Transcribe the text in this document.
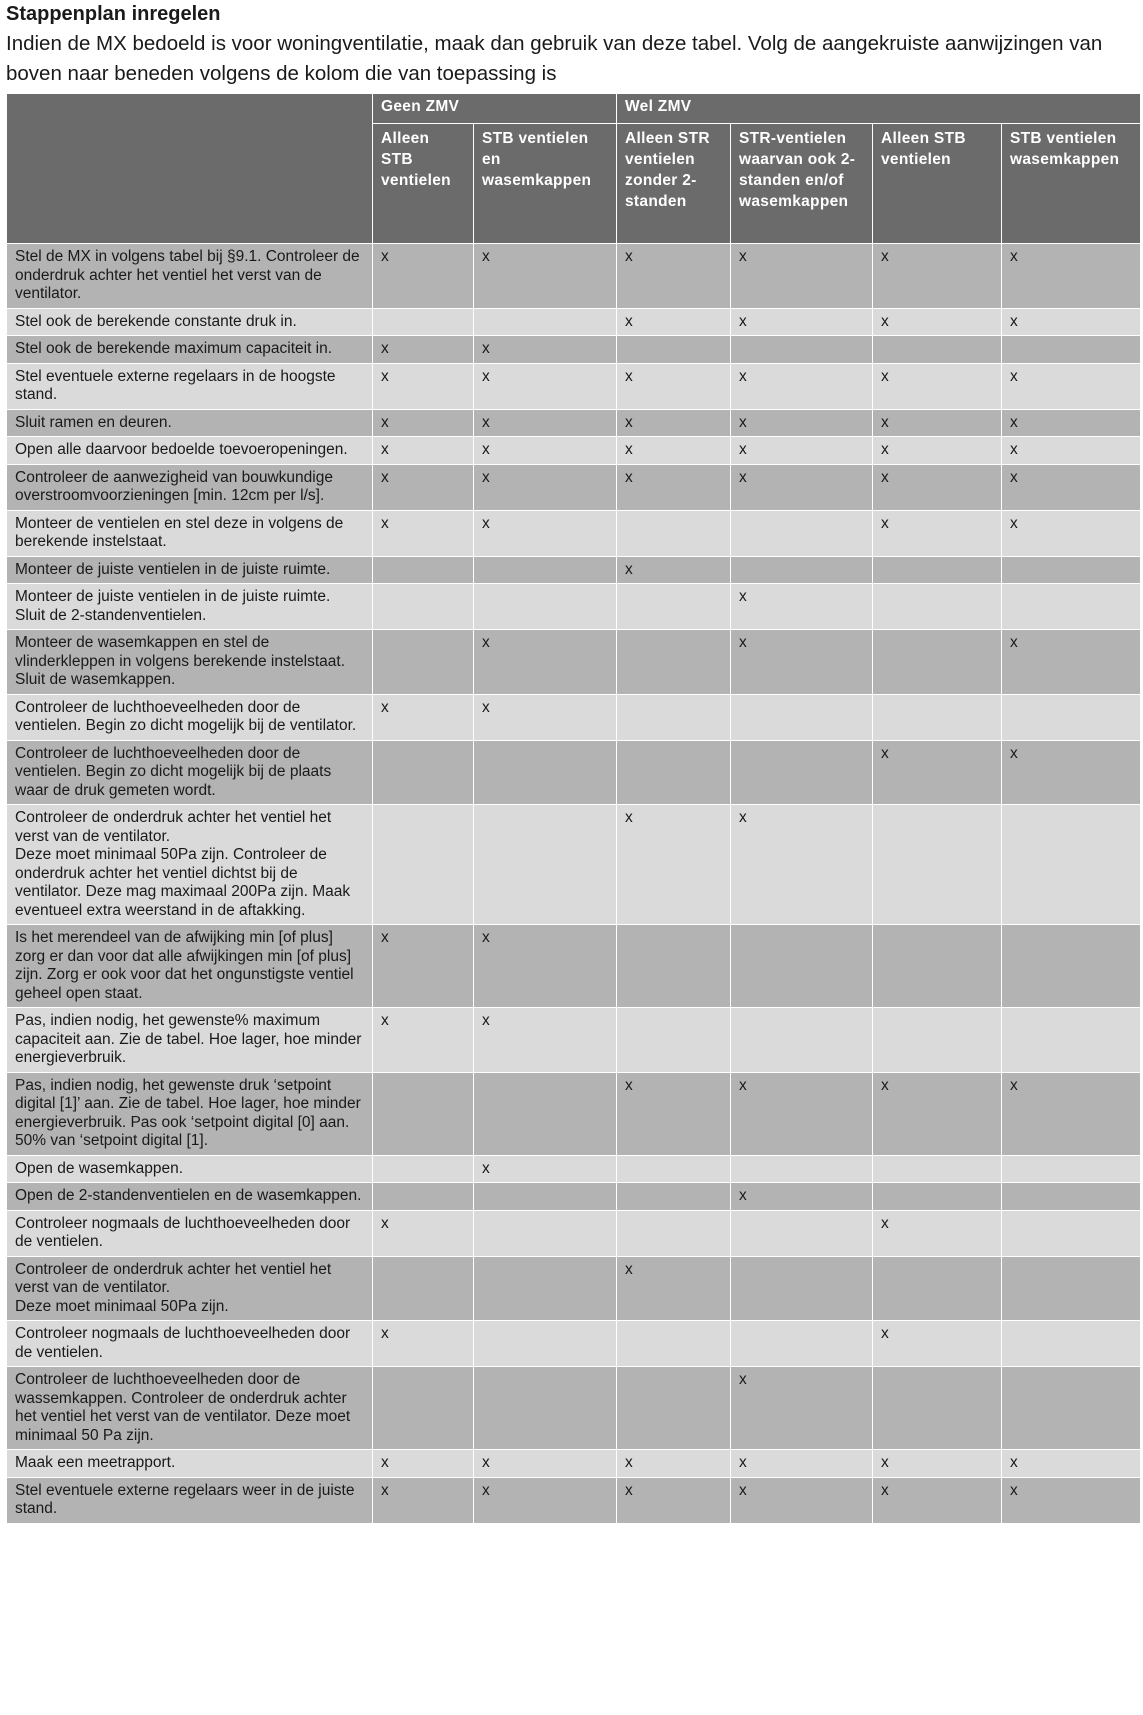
Stappenplan inregelen
Indien de MX bedoeld is voor woningventilatie, maak dan gebruik van deze tabel. Volg de aangekruiste aanwijzingen van boven naar beneden volgens de kolom die van toepassing is
	Geen ZMV		Wel ZMV			
	Alleen STB ventielen	STB ventielen en wasemkappen	Alleen STR ventielen zonder 2-standen	STR-ventielen waarvan ook 2-standen en/of wasemkappen	Alleen STB ventielen	STB ventielen wasemkappen
Stel de MX in volgens tabel bij §9.1. Controleer de onderdruk achter het ventiel het verst van de ventilator.	x	x	x	x	x	x
Stel ook de berekende constante druk in.			x	x	x	x
Stel ook de berekende maximum capaciteit in.	x	x				
Stel eventuele externe regelaars in de hoogste stand.	x	x	x	x	x	x
Sluit ramen en deuren.	x	x	x	x	x	x
Open alle daarvoor bedoelde toevoeropeningen.	x	x	x	x	x	x
Controleer de aanwezigheid van bouwkundige overstroomvoorzieningen [min. 12cm per l/s].	x	x	x	x	x	x
Monteer de ventielen en stel deze in volgens de berekende instelstaat.	x	x			x	x
Monteer de juiste ventielen in de juiste ruimte.			x			
Monteer de juiste ventielen in de juiste ruimte. Sluit de 2-standenventielen.				x		
Monteer de wasemkappen en stel de vlinderkleppen in volgens berekende instelstaat. Sluit de wasemkappen.		x		x		x
Controleer de luchthoeveelheden door de ventielen. Begin zo dicht mogelijk bij de ventilator.	x	x				
Controleer de luchthoeveelheden door de ventielen. Begin zo dicht mogelijk bij de plaats waar de druk gemeten wordt.					x	x
Controleer de onderdruk achter het ventiel het verst van de ventilator.
Deze moet minimaal 50Pa zijn. Controleer de onderdruk achter het ventiel dichtst bij de ventilator. Deze mag maximaal 200Pa zijn. Maak eventueel extra weerstand in de aftakking.			x	x		
Is het merendeel van de afwijking min [of plus] zorg er dan voor dat alle afwijkingen min [of plus] zijn. Zorg er ook voor dat het ongunstigste ventiel geheel open staat.	x	x				
Pas, indien nodig, het gewenste% maximum capaciteit aan. Zie de tabel. Hoe lager, hoe minder energieverbruik.	x	x				
Pas, indien nodig, het gewenste druk ‘setpoint digital [1]’ aan. Zie de tabel. Hoe lager, hoe minder energieverbruik. Pas ook ‘setpoint digital [0] aan. 50% van ‘setpoint digital [1].			x	x	x	x
Open de wasemkappen.		x				
Open de 2-standenventielen en de wasemkappen.				x		
Controleer nogmaals de luchthoeveelheden door de ventielen.	x				x	
Controleer de onderdruk achter het ventiel het verst van de ventilator.
Deze moet minimaal 50Pa zijn.			x			
Controleer nogmaals de luchthoeveelheden door de ventielen.	x				x	
Controleer de luchthoeveelheden door de wassemkappen. Controleer de onderdruk achter het ventiel het verst van de ventilator. Deze moet minimaal 50 Pa zijn.				x		
Maak een meetrapport.	x	x	x	x	x	x
Stel eventuele externe regelaars weer in de juiste stand.	x	x	x	x	x	x
